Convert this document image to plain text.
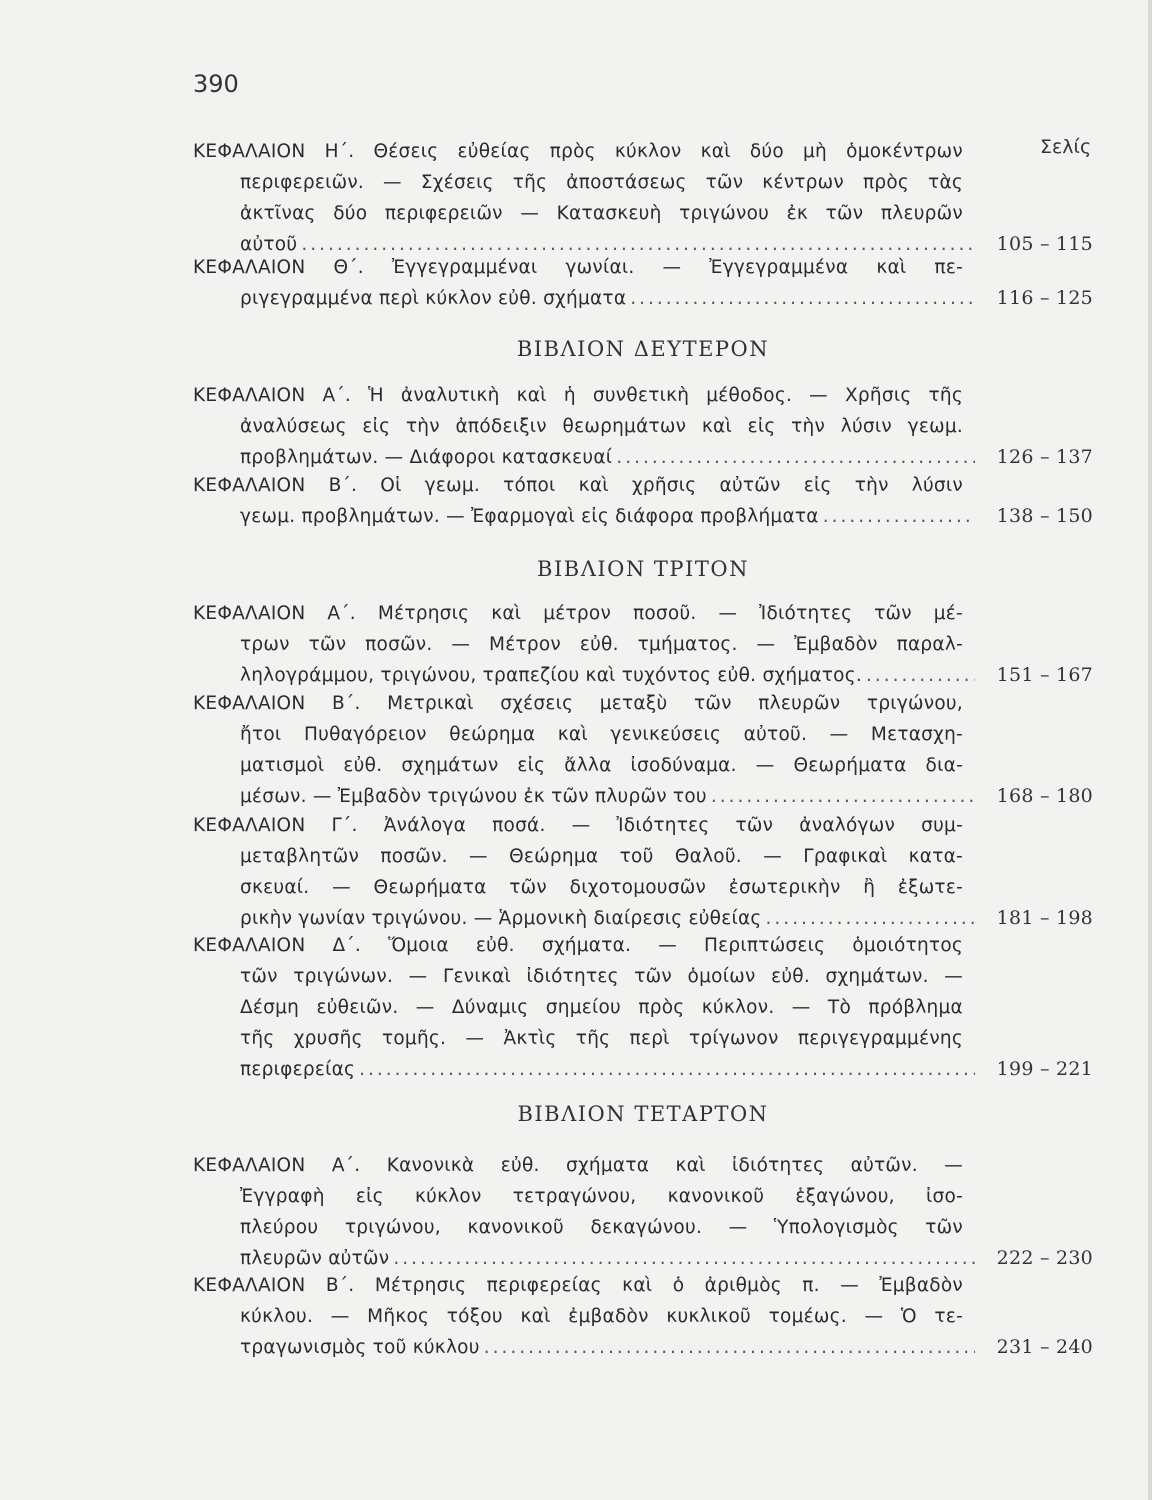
390
Σελίς
ΚΕΦΑΛΑΙΟΝ Η΄. Θέσεις εὐθείας πρὸς κύκλον καὶ δύο μὴ ὁμοκέντρων
περιφερειῶν. — Σχέσεις τῆς ἀποστάσεως τῶν κέντρων πρὸς τὰς
ἀκτῖνας δύο περιφερειῶν — Κατασκευὴ τριγώνου ἐκ τῶν πλευρῶν
αὐτοῦ .....	105 – 115
ΚΕΦΑΛΑΙΟΝ Θ΄. Ἐγγεγραμμέναι γωνίαι. — Ἐγγεγραμμένα καὶ πε-
ριγεγραμμένα περὶ κύκλον εὐθ. σχήματα .....	116 – 125
ΒΙΒΛΙΟΝ ΔΕΥΤΕΡΟΝ
ΚΕΦΑΛΑΙΟΝ Α΄. Ἡ ἀναλυτικὴ καὶ ἡ συνθετικὴ μέθοδος. — Χρῆσις τῆς
ἀναλύσεως εἰς τὴν ἀπόδειξιν θεωρημάτων καὶ εἰς τὴν λύσιν γεωμ.
προβλημάτων. — Διάφοροι κατασκευαί .....	126 – 137
ΚΕΦΑΛΑΙΟΝ Β΄. Οἱ γεωμ. τόποι καὶ χρῆσις αὐτῶν εἰς τὴν λύσιν
γεωμ. προβλημάτων. — Ἐφαρμογαὶ εἰς διάφορα προβλήματα .....	138 – 150
ΒΙΒΛΙΟΝ ΤΡΙΤΟΝ
ΚΕΦΑΛΑΙΟΝ Α΄. Μέτρησις καὶ μέτρον ποσοῦ. — Ἰδιότητες τῶν μέ-
τρων τῶν ποσῶν. — Μέτρον εὐθ. τμήματος. — Ἐμβαδὸν παραλ-
ληλογράμμου, τριγώνου, τραπεζίου καὶ τυχόντος εὐθ. σχήματος. .....	151 – 167
ΚΕΦΑΛΑΙΟΝ Β΄. Μετρικαὶ σχέσεις μεταξὺ τῶν πλευρῶν τριγώνου,
ἤτοι Πυθαγόρειον θεώρημα καὶ γενικεύσεις αὐτοῦ. — Μετασχη-
ματισμοὶ εὐθ. σχημάτων εἰς ἄλλα ἰσοδύναμα. — Θεωρήματα δια-
μέσων. — Ἐμβαδὸν τριγώνου ἐκ τῶν πλυρῶν του .....	168 – 180
ΚΕΦΑΛΑΙΟΝ Γ΄. Ἀνάλογα ποσά. — Ἰδιότητες τῶν ἀναλόγων συμ-
μεταβλητῶν ποσῶν. — Θεώρημα τοῦ Θαλοῦ. — Γραφικαὶ κατα-
σκευαί. — Θεωρήματα τῶν διχοτομουσῶν ἐσωτερικὴν ἢ ἐξωτε-
ρικὴν γωνίαν τριγώνου. — Ἁρμονικὴ διαίρεσις εὐθείας .....	181 – 198
ΚΕΦΑΛΑΙΟΝ Δ΄. Ὅμοια εὐθ. σχήματα. — Περιπτώσεις ὁμοιότητος
τῶν τριγώνων. — Γενικαὶ ἰδιότητες τῶν ὁμοίων εὐθ. σχημάτων. —
Δέσμη εὐθειῶν. — Δύναμις σημείου πρὸς κύκλον. — Τὸ πρόβλημα
τῆς χρυσῆς τομῆς. — Ἀκτὶς τῆς περὶ τρίγωνον περιγεγραμμένης
περιφερείας .....	199 – 221
ΒΙΒΛΙΟΝ ΤΕΤΑΡΤΟΝ
ΚΕΦΑΛΑΙΟΝ Α΄. Κανονικὰ εὐθ. σχήματα καὶ ἰδιότητες αὐτῶν. —
Ἐγγραφὴ εἰς κύκλον τετραγώνου, κανονικοῦ ἑξαγώνου, ἰσο-
πλεύρου τριγώνου, κανονικοῦ δεκαγώνου. — Ὑπολογισμὸς τῶν
πλευρῶν αὐτῶν .....	222 – 230
ΚΕΦΑΛΑΙΟΝ Β΄. Μέτρησις περιφερείας καὶ ὁ ἀριθμὸς π. — Ἐμβαδὸν
κύκλου. — Μῆκος τόξου καὶ ἐμβαδὸν κυκλικοῦ τομέως. — Ὁ τε-
τραγωνισμὸς τοῦ κύκλου .....	231 – 240
